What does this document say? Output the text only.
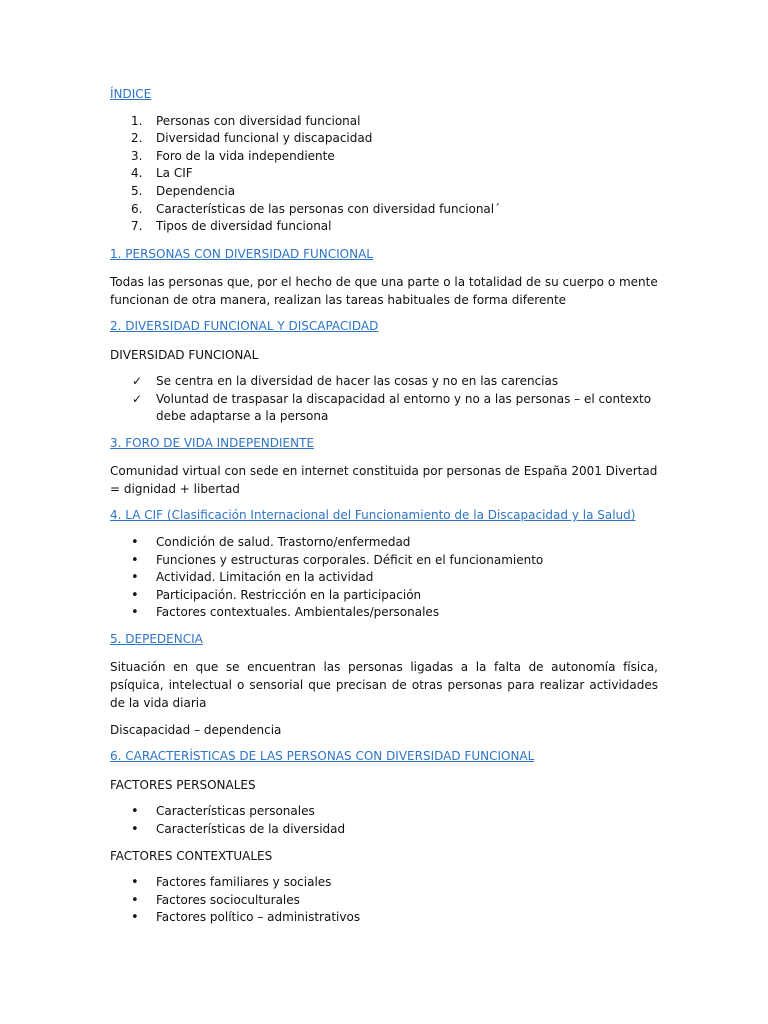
ÍNDICE

1. Personas con diversidad funcional
2. Diversidad funcional y discapacidad
3. Foro de la vida independiente
4. La CIF
5. Dependencia
6. Características de las personas con diversidad funcional´
7. Tipos de diversidad funcional

1. PERSONAS CON DIVERSIDAD FUNCIONAL

Todas las personas que, por el hecho de que una parte o la totalidad de su cuerpo o mente funcionan de otra manera, realizan las tareas habituales de forma diferente

2. DIVERSIDAD FUNCIONAL Y DISCAPACIDAD

DIVERSIDAD FUNCIONAL

✓	Se centra en la diversidad de hacer las cosas y no en las carencias
✓	Voluntad de traspasar la discapacidad al entorno y no a las personas – el contexto debe adaptarse a la persona

3. FORO DE VIDA INDEPENDIENTE

Comunidad virtual con sede en internet constituida por personas de España 2001 Divertad = dignidad + libertad

4. LA CIF (Clasificación Internacional del Funcionamiento de la Discapacidad y la Salud)

•	Condición de salud. Trastorno/enfermedad
•	Funciones y estructuras corporales. Déficit en el funcionamiento
•	Actividad. Limitación en la actividad
•	Participación. Restricción en la participación
•	Factores contextuales. Ambientales/personales

5. DEPEDENCIA

Situación en que se encuentran las personas ligadas a la falta de autonomía física, psíquica, intelectual o sensorial que precisan de otras personas para realizar actividades de la vida diaria

Discapacidad – dependencia

6. CARACTERÍSTICAS DE LAS PERSONAS CON DIVERSIDAD FUNCIONAL

FACTORES PERSONALES

•	Características personales
•	Características de la diversidad

FACTORES CONTEXTUALES

•	Factores familiares y sociales
•	Factores socioculturales
•	Factores político – administrativos
